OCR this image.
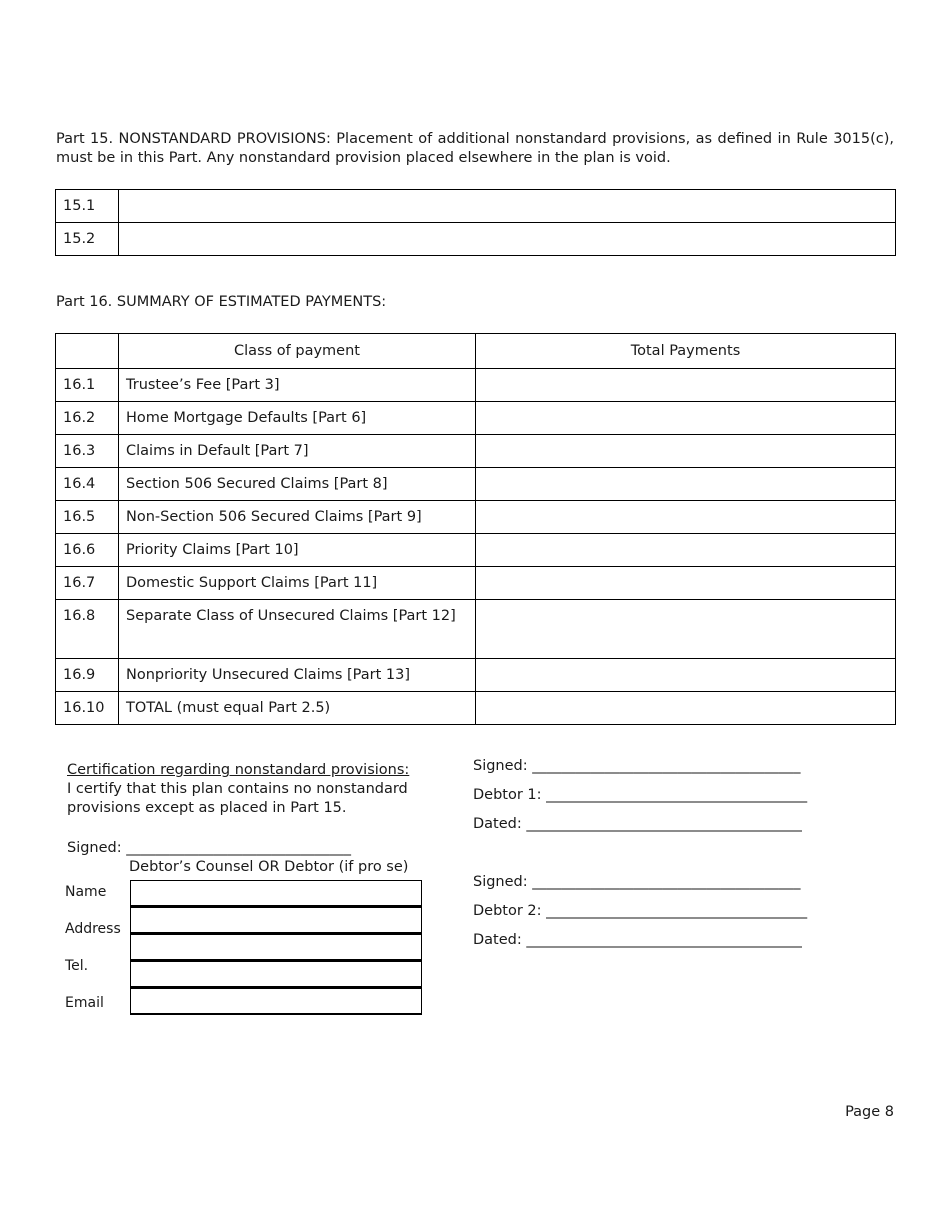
Part 15. NONSTANDARD PROVISIONS: Placement of additional nonstandard provisions, as defined in Rule 3015(c), must be in this Part. Any nonstandard provision placed elsewhere in the plan is void.

15.1	
15.2	

Part 16. SUMMARY OF ESTIMATED PAYMENTS:

	Class of payment	Total Payments
16.1	Trustee’s Fee [Part 3]	
16.2	Home Mortgage Defaults [Part 6]	
16.3	Claims in Default [Part 7]	
16.4	Section 506 Secured Claims [Part 8]	
16.5	Non-Section 506 Secured Claims [Part 9]	
16.6	Priority Claims [Part 10]	
16.7	Domestic Support Claims [Part 11]	
16.8	Separate Class of Unsecured Claims [Part 12]	
16.9	Nonpriority Unsecured Claims [Part 13]	
16.10	TOTAL (must equal Part 2.5)	
Certification regarding nonstandard provisions:
I certify that this plan contains no nonstandard provisions except as placed in Part 15.
Signed: _______________________________
Debtor’s Counsel OR Debtor (if pro se)
Name
Address
Tel.
Email
Signed: _____________________________________
Debtor 1: ____________________________________
Dated: ______________________________________
Signed: _____________________________________
Debtor 2: ____________________________________
Dated: ______________________________________
Page 8
